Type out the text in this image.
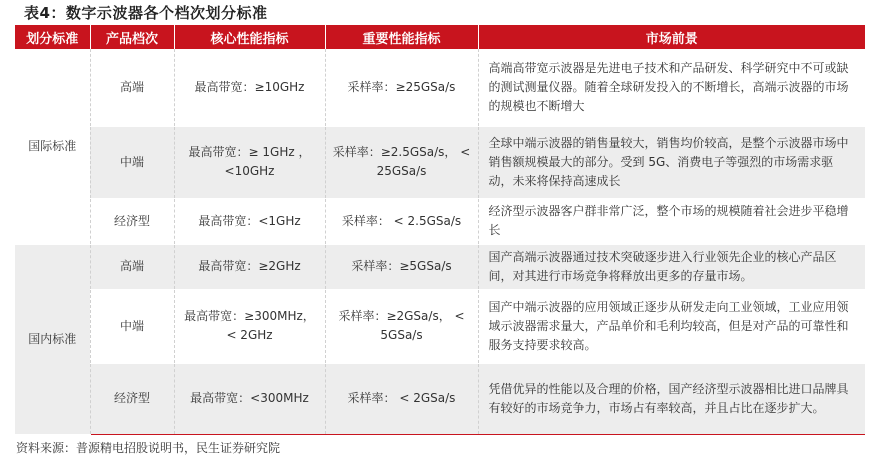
表4：数字示波器各个档次划分标准
划分标准	产品档次	核心性能指标	重要性能指标	市场前景
国际标准	高端	最高带宽：≥10GHz	采样率：≥25GSa/s	高端高带宽示波器是先进电子技术和产品研发、科学研究中不可或缺的测试测量仪器。随着全球研发投入的不断增长，高端示波器的市场的规模也不断增大
	中端	最高带宽：≥ 1GHz ，<10GHz	采样率：≥2.5GSa/s， < 25GSa/s	全球中端示波器的销售量较大，销售均价较高，是整个示波器市场中销售额规模最大的部分。受到 5G、消费电子等强烈的市场需求驱动，未来将保持高速成长
	经济型	最高带宽：<1GHz	采样率： < 2.5GSa/s	经济型示波器客户群非常广泛，整个市场的规模随着社会进步平稳增长
国内标准	高端	最高带宽：≥2GHz	采样率：≥5GSa/s	国产高端示波器通过技术突破逐步进入行业领先企业的核心产品区间，对其进行市场竞争将释放出更多的存量市场。
	中端	最高带宽：≥300MHz， < 2GHz	采样率：≥2GSa/s， < 5GSa/s	国产中端示波器的应用领域正逐步从研发走向工业领域，工业应用领域示波器需求量大，产品单价和毛利均较高，但是对产品的可靠性和服务支持要求较高。
	经济型	最高带宽：<300MHz	采样率： < 2GSa/s	凭借优异的性能以及合理的价格，国产经济型示波器相比进口品牌具有较好的市场竞争力，市场占有率较高，并且占比在逐步扩大。
资料来源：普源精电招股说明书，民生证券研究院
